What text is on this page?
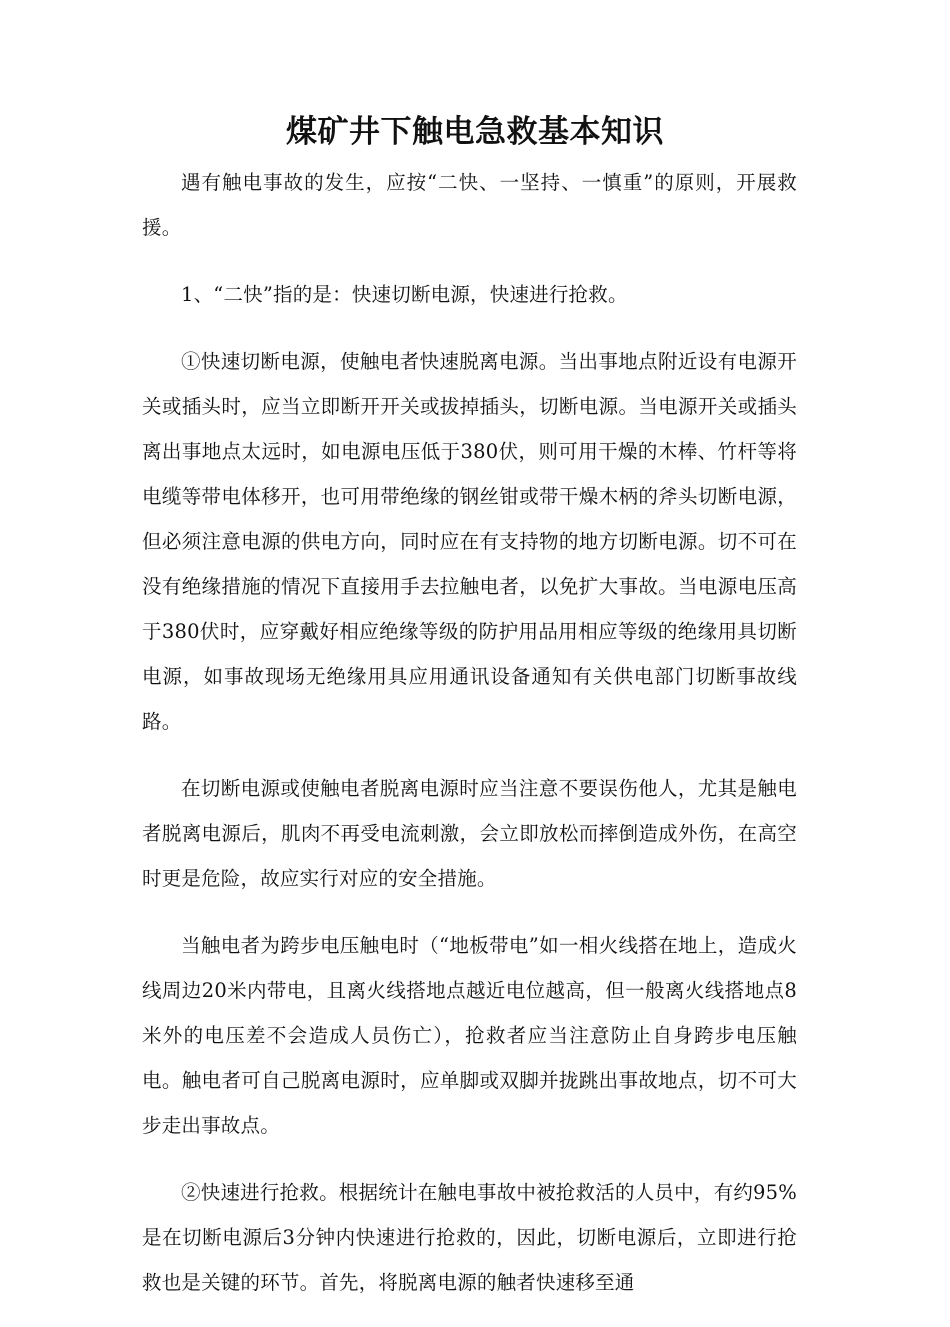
煤矿井下触电急救基本知识

遇有触电事故的发生，应按“二快、一坚持、一慎重”的原则，开展救援。

1、“二快”指的是：快速切断电源，快速进行抢救。

①快速切断电源，使触电者快速脱离电源。当出事地点附近设有电源开关或插头时，应当立即断开开关或拔掉插头，切断电源。当电源开关或插头离出事地点太远时，如电源电压低于380伏，则可用干燥的木棒、竹杆等将电缆等带电体移开，也可用带绝缘的钢丝钳或带干燥木柄的斧头切断电源，但必须注意电源的供电方向，同时应在有支持物的地方切断电源。切不可在没有绝缘措施的情况下直接用手去拉触电者，以免扩大事故。当电源电压高于380伏时，应穿戴好相应绝缘等级的防护用品用相应等级的绝缘用具切断电源，如事故现场无绝缘用具应用通讯设备通知有关供电部门切断事故线路。

在切断电源或使触电者脱离电源时应当注意不要误伤他人，尤其是触电者脱离电源后，肌肉不再受电流刺激，会立即放松而摔倒造成外伤，在高空时更是危险，故应实行对应的安全措施。

当触电者为跨步电压触电时（“地板带电”如一相火线搭在地上，造成火线周边20米内带电，且离火线搭地点越近电位越高，但一般离火线搭地点8米外的电压差不会造成人员伤亡），抢救者应当注意防止自身跨步电压触电。触电者可自己脱离电源时，应单脚或双脚并拢跳出事故地点，切不可大步走出事故点。

②快速进行抢救。根据统计在触电事故中被抢救活的人员中，有约95%是在切断电源后3分钟内快速进行抢救的，因此，切断电源后，立即进行抢救也是关键的环节。首先，将脱离电源的触者快速移至通
